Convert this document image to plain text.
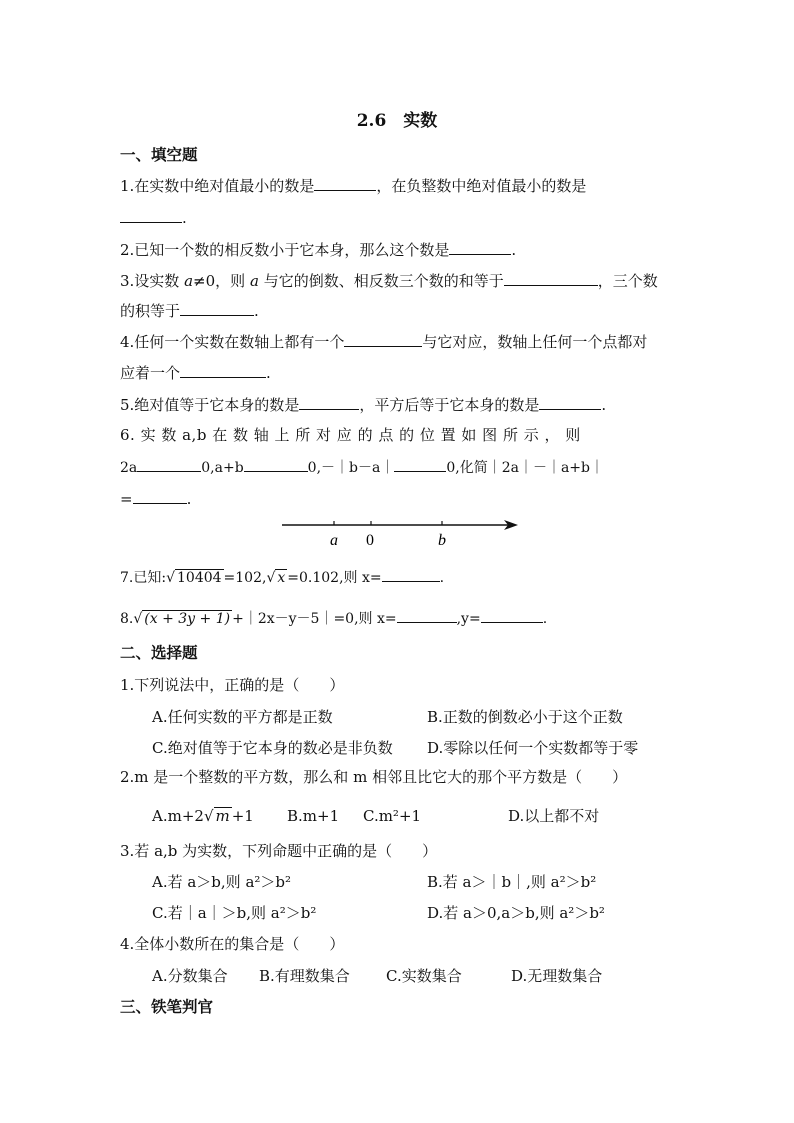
2.6　实数
一、填空题
1.在实数中绝对值最小的数是	，在负整数中绝对值最小的数是
.
2.已知一个数的相反数小于它本身，那么这个数是	.
3.设实数 a≠0，则 a 与它的倒数、相反数三个数的和等于	，三个数
的积等于	.
4.任何一个实数在数轴上都有一个	与它对应，数轴上任何一个点都对
应着一个	.
5.绝对值等于它本身的数是	，平方后等于它本身的数是	.
6. 实 数 a,b 在 数 轴 上 所 对 应 的 点 的 位 置 如 图 所 示 ， 则
2a	0,a+b	0,－｜b－a｜	0,化简｜2a｜－｜a+b｜
=	.
a 0	b
7.已知:√ 10404 =102,√ x =0.102,则 x=	.
8.√ (x + 3y + 1) +｜2x－y－5｜=0,则 x=	,y=	.
二、选择题
1.下列说法中，正确的是（　　）
A.任何实数的平方都是正数	B.正数的倒数必小于这个正数
C.绝对值等于它本身的数必是非负数 D.零除以任何一个实数都等于零
2.m 是一个整数的平方数，那么和 m 相邻且比它大的那个平方数是（　　）
A.m+2√ m +1 B.m+1 C.m²+1	D.以上都不对
3.若 a,b 为实数，下列命题中正确的是（　　）
A.若 a＞b,则 a²＞b²	B.若 a＞｜b｜,则 a²＞b²
C.若｜a｜＞b,则 a²＞b²	D.若 a＞0,a＞b,则 a²＞b²
4.全体小数所在的集合是（　　）
A.分数集合 B.有理数集合 C.实数集合	D.无理数集合
三、铁笔判官
